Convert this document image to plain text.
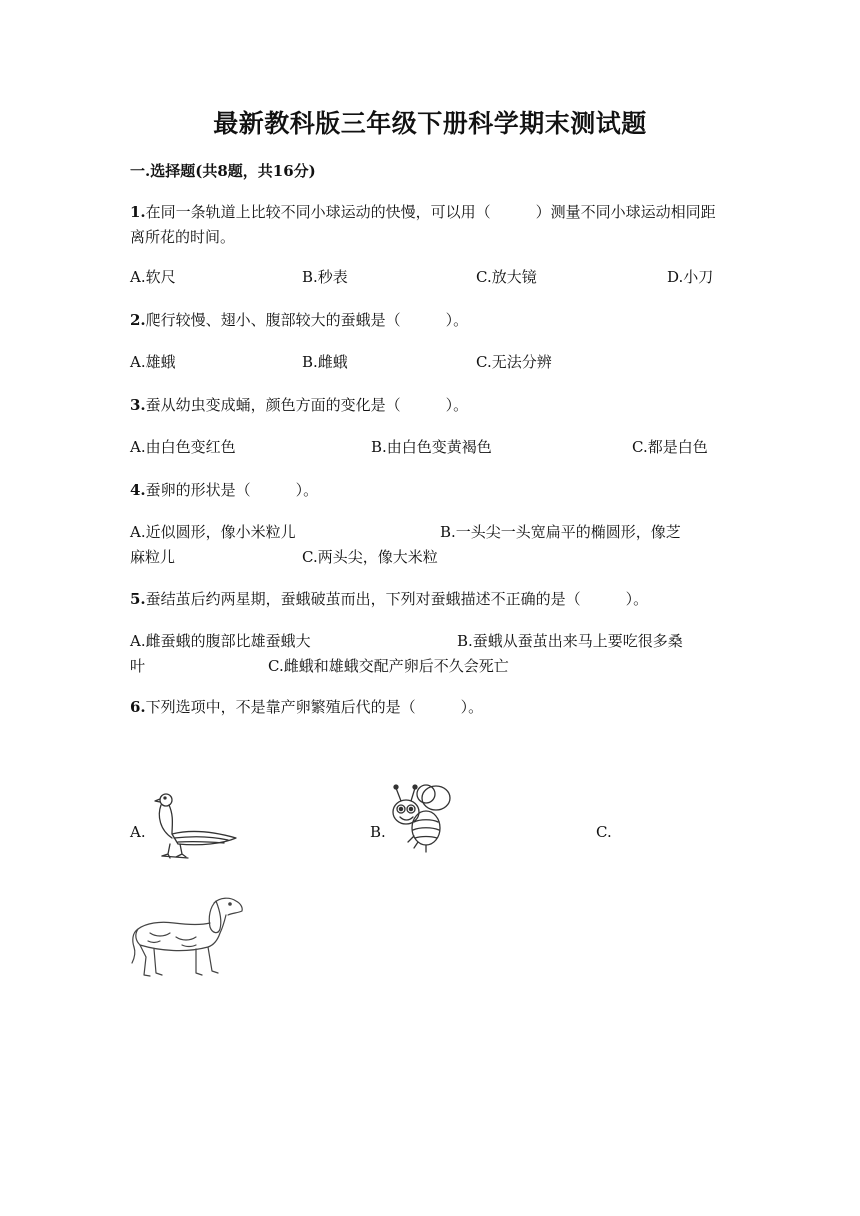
最新教科版三年级下册科学期末测试题
一.选择题(共8题，共16分)
1.在同一条轨道上比较不同小球运动的快慢，可以用（　　　）测量不同小球运动相同距离所花的时间。
A.软尺	B.秒表	C.放大镜	D.小刀
2.爬行较慢、翅小、腹部较大的蚕蛾是（　　　）。
A.雄蛾	B.雌蛾	C.无法分辨
3.蚕从幼虫变成蛹，颜色方面的变化是（　　　）。
A.由白色变红色	B.由白色变黄褐色	C.都是白色
4.蚕卵的形状是（　　　）。
A.近似圆形，像小米粒儿	B.一头尖一头宽扁平的椭圆形，像芝
麻粒儿	C.两头尖，像大米粒
5.蚕结茧后约两星期，蚕蛾破茧而出，下列对蚕蛾描述不正确的是（　　　）。
A.雌蚕蛾的腹部比雄蚕蛾大	B.蚕蛾从蚕茧出来马上要吃很多桑
叶	C.雌蛾和雄蛾交配产卵后不久会死亡
6.下列选项中，不是靠产卵繁殖后代的是（　　　）。
A.	B.	C.
